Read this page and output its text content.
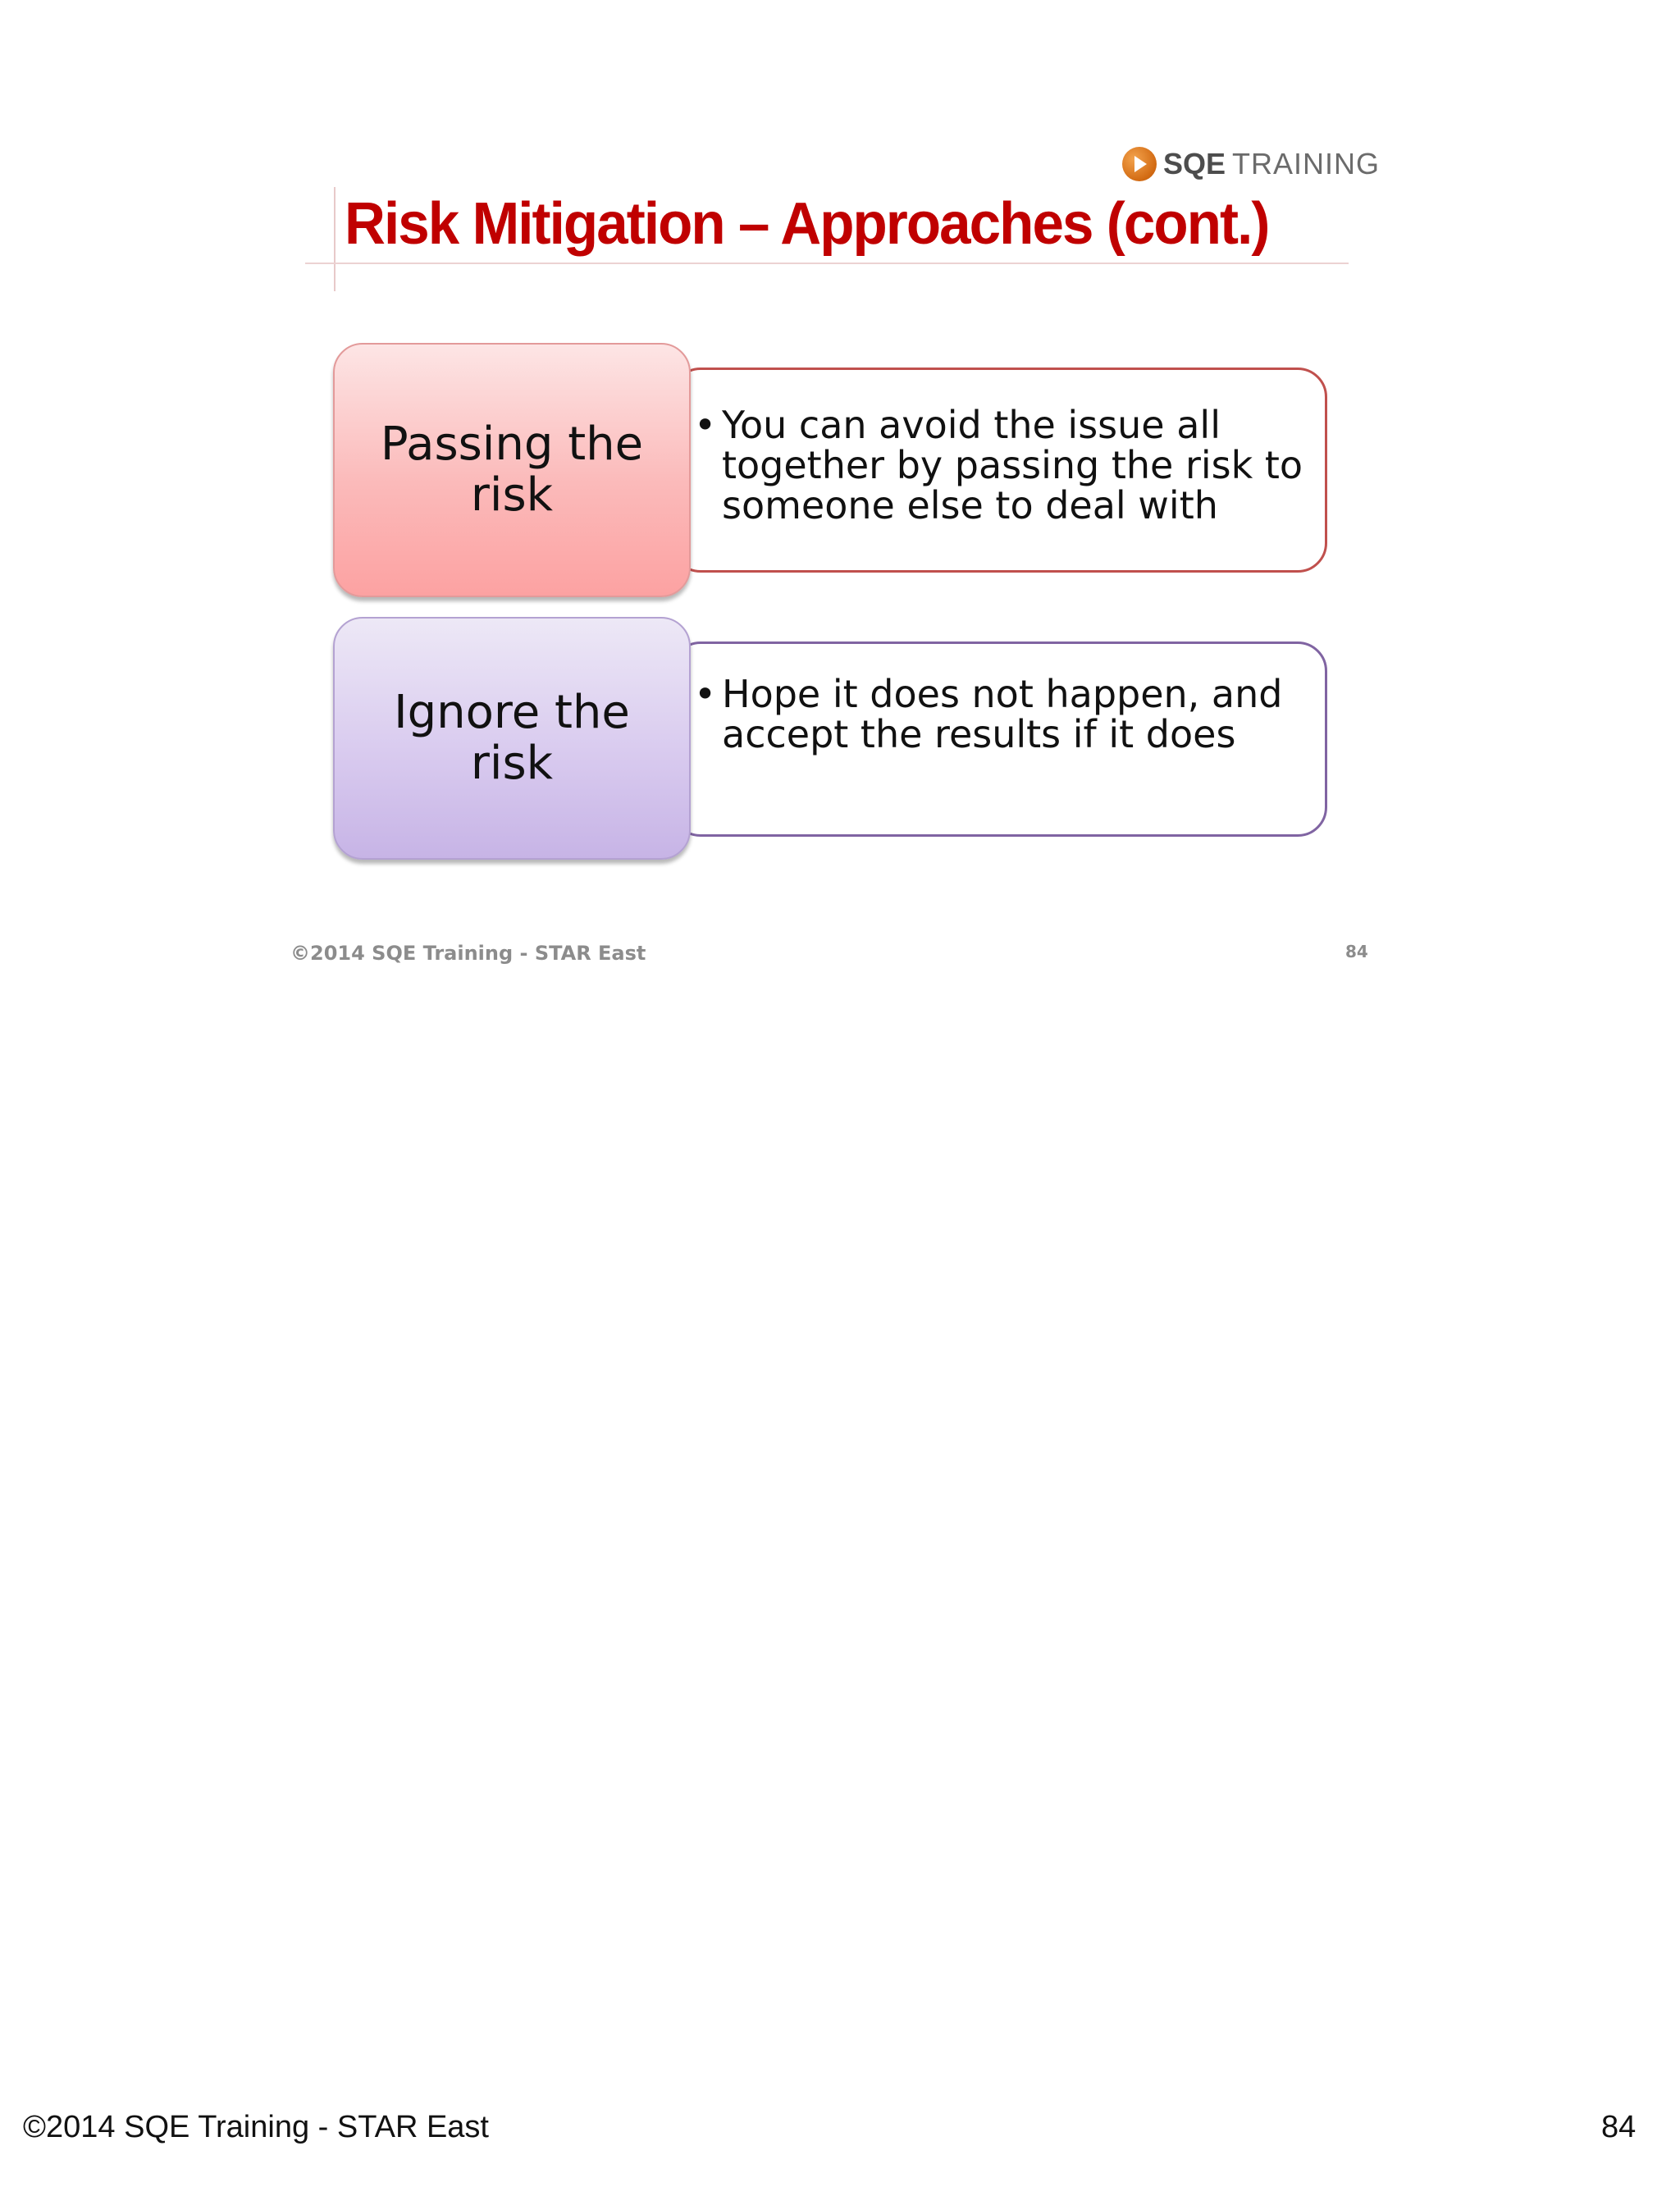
SQE TRAINING
Risk Mitigation – Approaches (cont.)
Passing the risk
• You can avoid the issue all together by passing the risk to someone else to deal with
Ignore the risk
• Hope it does not happen, and accept the results if it does
©2014 SQE Training - STAR East	84
©2014 SQE Training - STAR East	84
